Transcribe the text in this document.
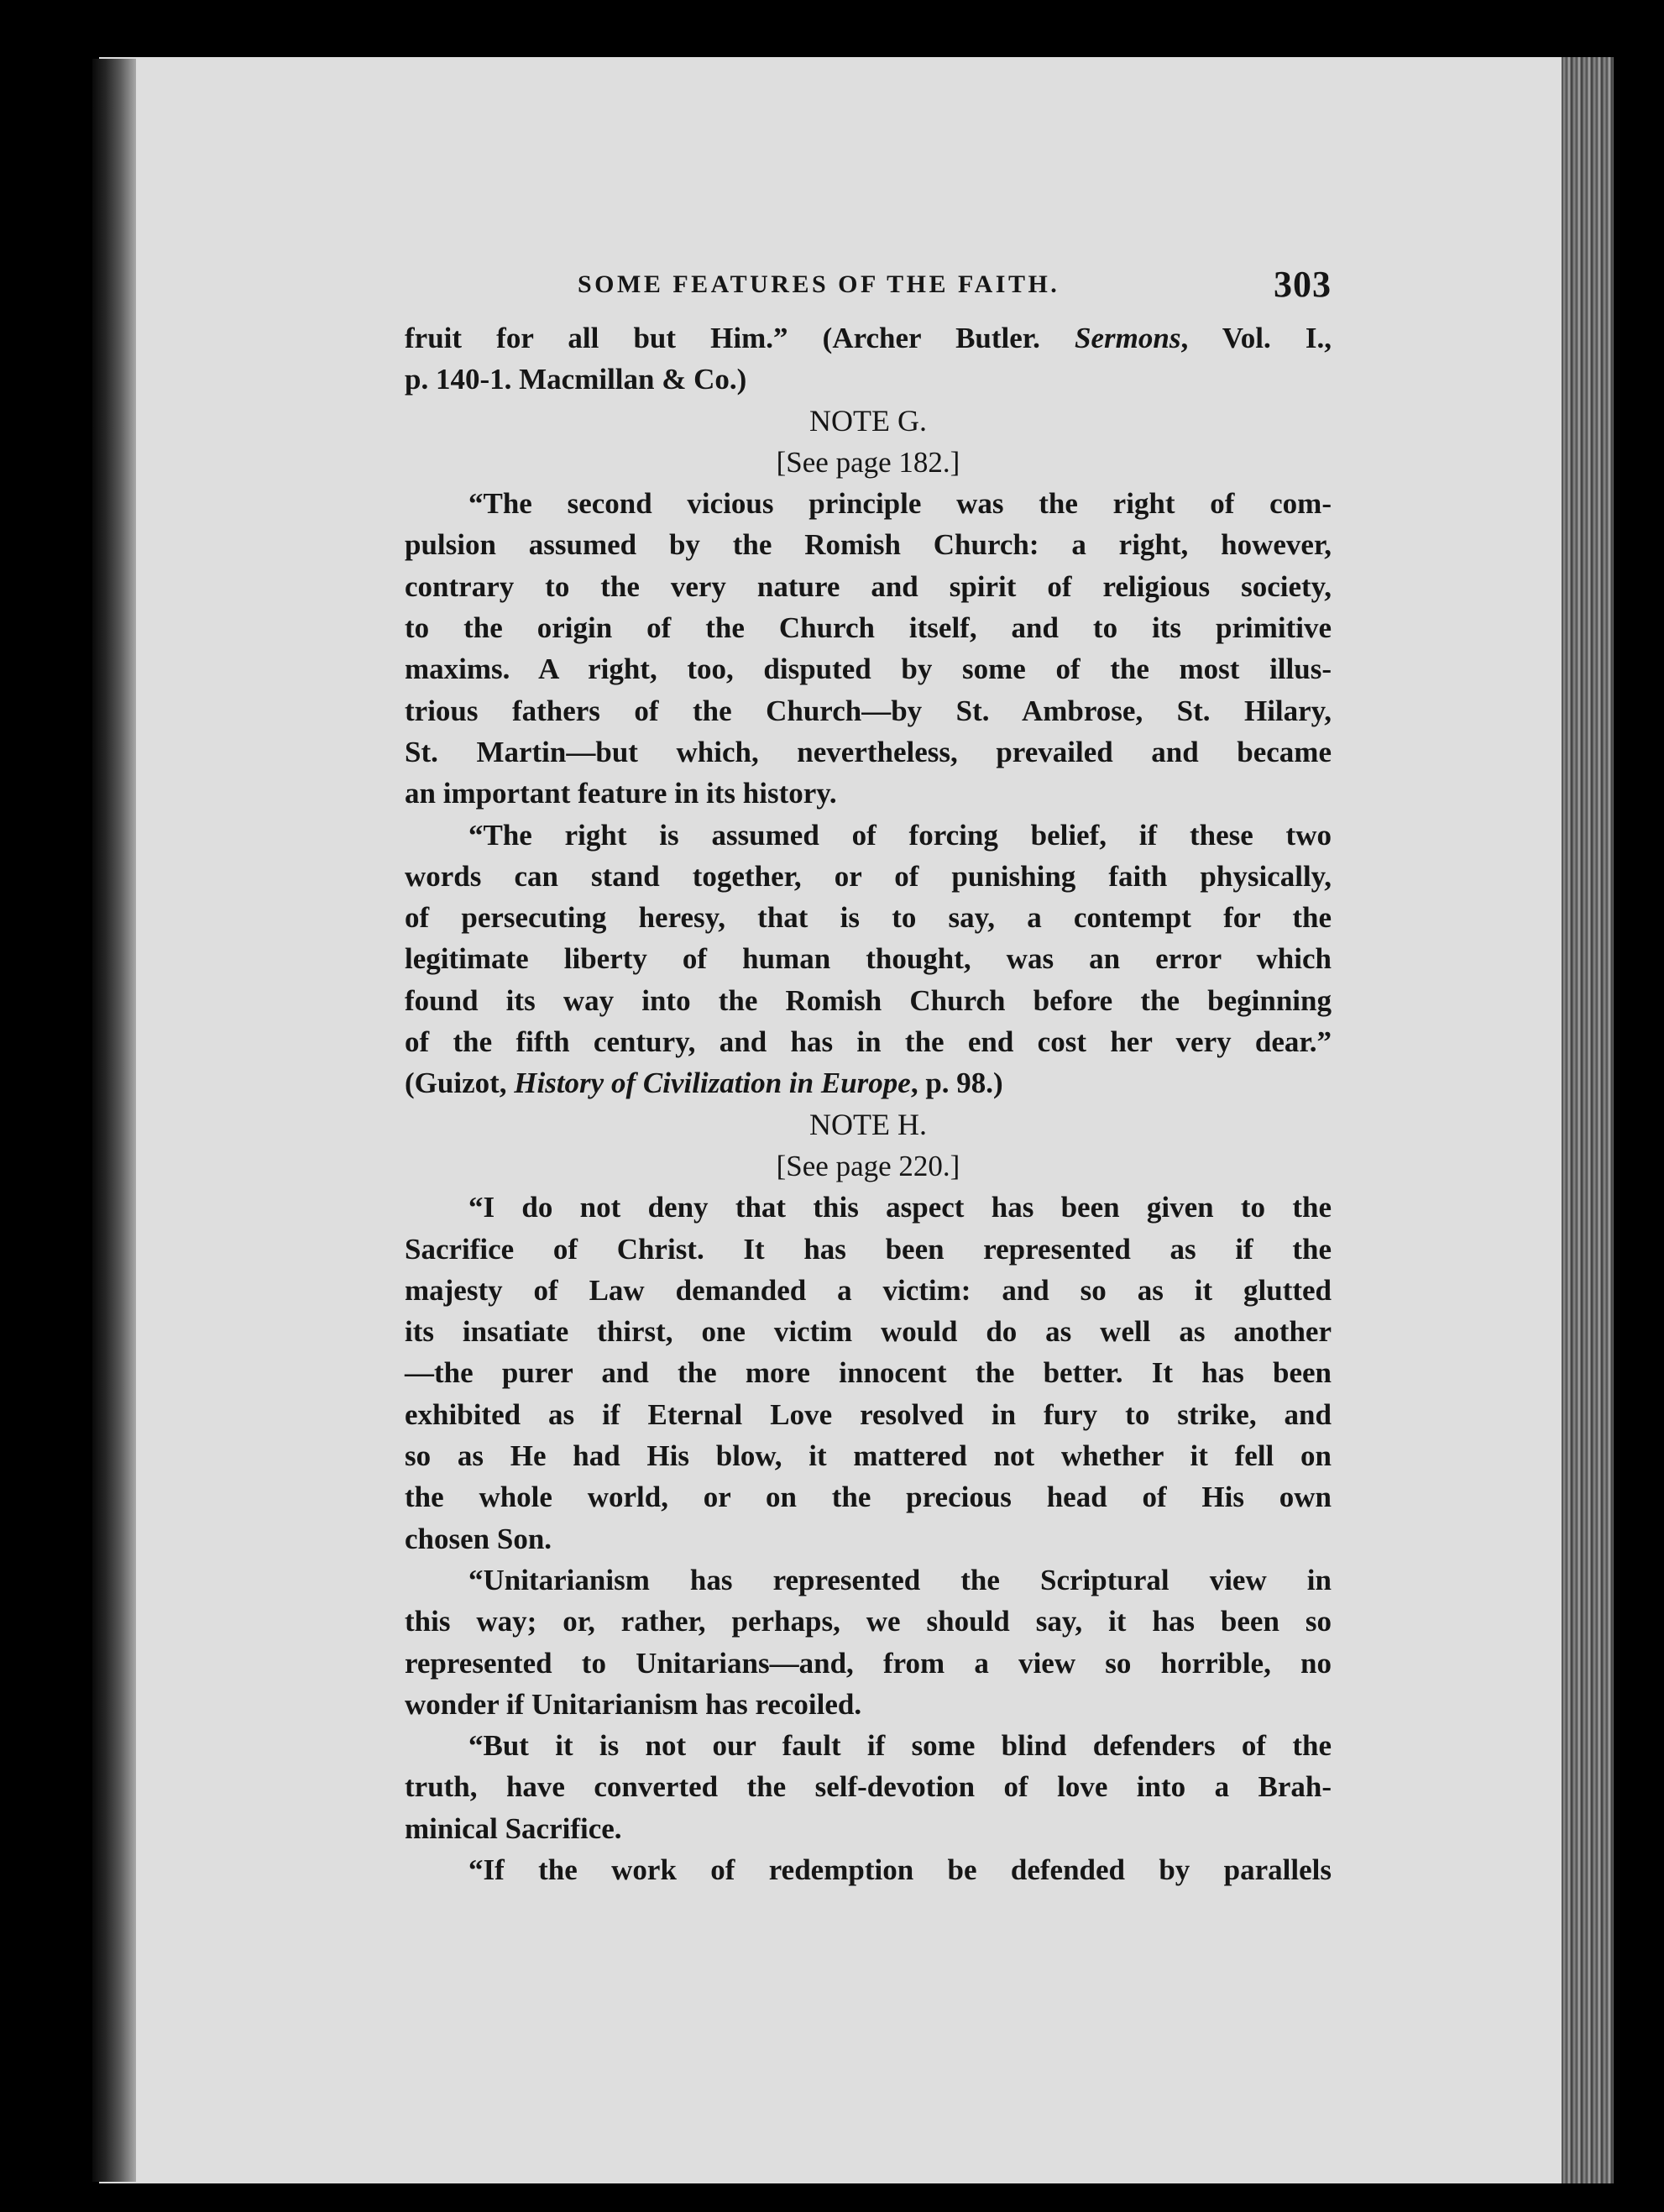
SOME FEATURES OF THE FAITH.	303
fruit for all but Him.” (Archer Butler. Sermons, Vol. I.,
p. 140-1. Macmillan & Co.)
NOTE G.
[See page 182.]
“The second vicious principle was the right of com-
pulsion assumed by the Romish Church: a right, however,
contrary to the very nature and spirit of religious society,
to the origin of the Church itself, and to its primitive
maxims. A right, too, disputed by some of the most illus-
trious fathers of the Church—by St. Ambrose, St. Hilary,
St. Martin—but which, nevertheless, prevailed and became
an important feature in its history.
“The right is assumed of forcing belief, if these two
words can stand together, or of punishing faith physically,
of persecuting heresy, that is to say, a contempt for the
legitimate liberty of human thought, was an error which
found its way into the Romish Church before the beginning
of the fifth century, and has in the end cost her very dear.”
(Guizot, History of Civilization in Europe, p. 98.)
NOTE H.
[See page 220.]
“I do not deny that this aspect has been given to the
Sacrifice of Christ. It has been represented as if the
majesty of Law demanded a victim: and so as it glutted
its insatiate thirst, one victim would do as well as another
—the purer and the more innocent the better. It has been
exhibited as if Eternal Love resolved in fury to strike, and
so as He had His blow, it mattered not whether it fell on
the whole world, or on the precious head of His own
chosen Son.
“Unitarianism has represented the Scriptural view in
this way; or, rather, perhaps, we should say, it has been so
represented to Unitarians—and, from a view so horrible, no
wonder if Unitarianism has recoiled.
“But it is not our fault if some blind defenders of the
truth, have converted the self-devotion of love into a Brah-
minical Sacrifice.
“If the work of redemption be defended by parallels
